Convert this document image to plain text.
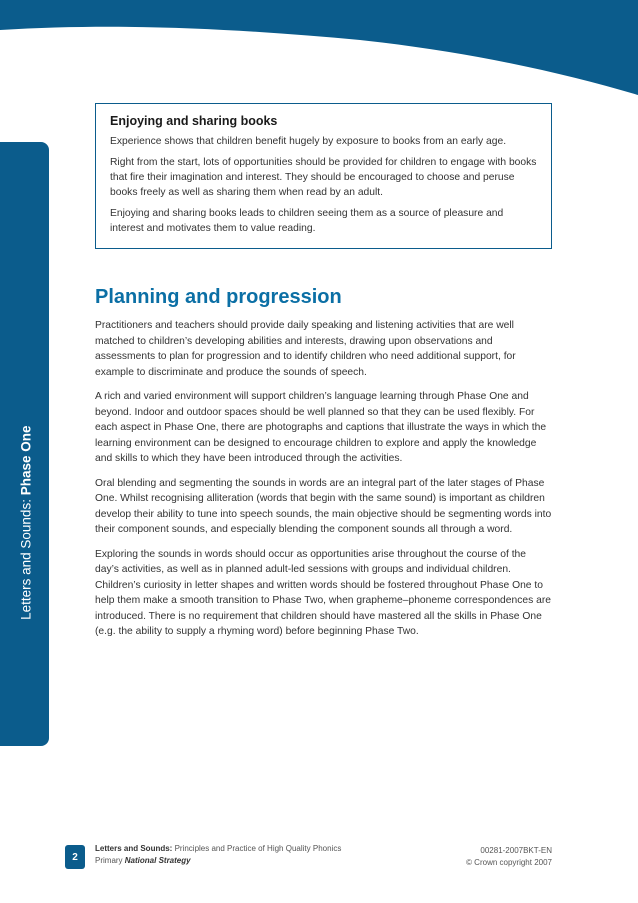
Letters and Sounds:

Phase One
Enjoying and sharing books

Experience shows that children benefit hugely by exposure to books from an early age.

Right from the start, lots of opportunities should be provided for children to engage with books that fire their imagination and interest. They should be encouraged to choose and peruse books freely as well as sharing them when read by an adult.

Enjoying and sharing books leads to children seeing them as a source of pleasure and interest and motivates them to value reading.

Planning and progression

Practitioners and teachers should provide daily speaking and listening activities that are well matched to children’s developing abilities and interests, drawing upon observations and assessments to plan for progression and to identify children who need additional support, for example to discriminate and produce the sounds of speech.

A rich and varied environment will support children’s language learning through Phase One and beyond. Indoor and outdoor spaces should be well planned so that they can be used flexibly. For each aspect in Phase One, there are photographs and captions that illustrate the ways in which the learning environment can be designed to encourage children to explore and apply the knowledge and skills to which they have been introduced through the activities.

Oral blending and segmenting the sounds in words are an integral part of the later stages of Phase One. Whilst recognising alliteration (words that begin with the same sound) is important as children develop their ability to tune into speech sounds, the main objective should be segmenting words into their component sounds, and especially blending the component sounds all through a word.

Exploring the sounds in words should occur as opportunities arise throughout the course of the day’s activities, as well as in planned adult-led sessions with groups and individual children. Children’s curiosity in letter shapes and written words should be fostered throughout Phase One to help them make a smooth transition to Phase Two, when grapheme–phoneme correspondences are introduced. There is no requirement that children should have mastered all the skills in Phase One (e.g. the ability to supply a rhyming word) before beginning Phase Two.

2
Letters and Sounds: Principles and Practice of High Quality Phonics
Primary National Strategy
00281-2007BKT-EN
© Crown copyright 2007
